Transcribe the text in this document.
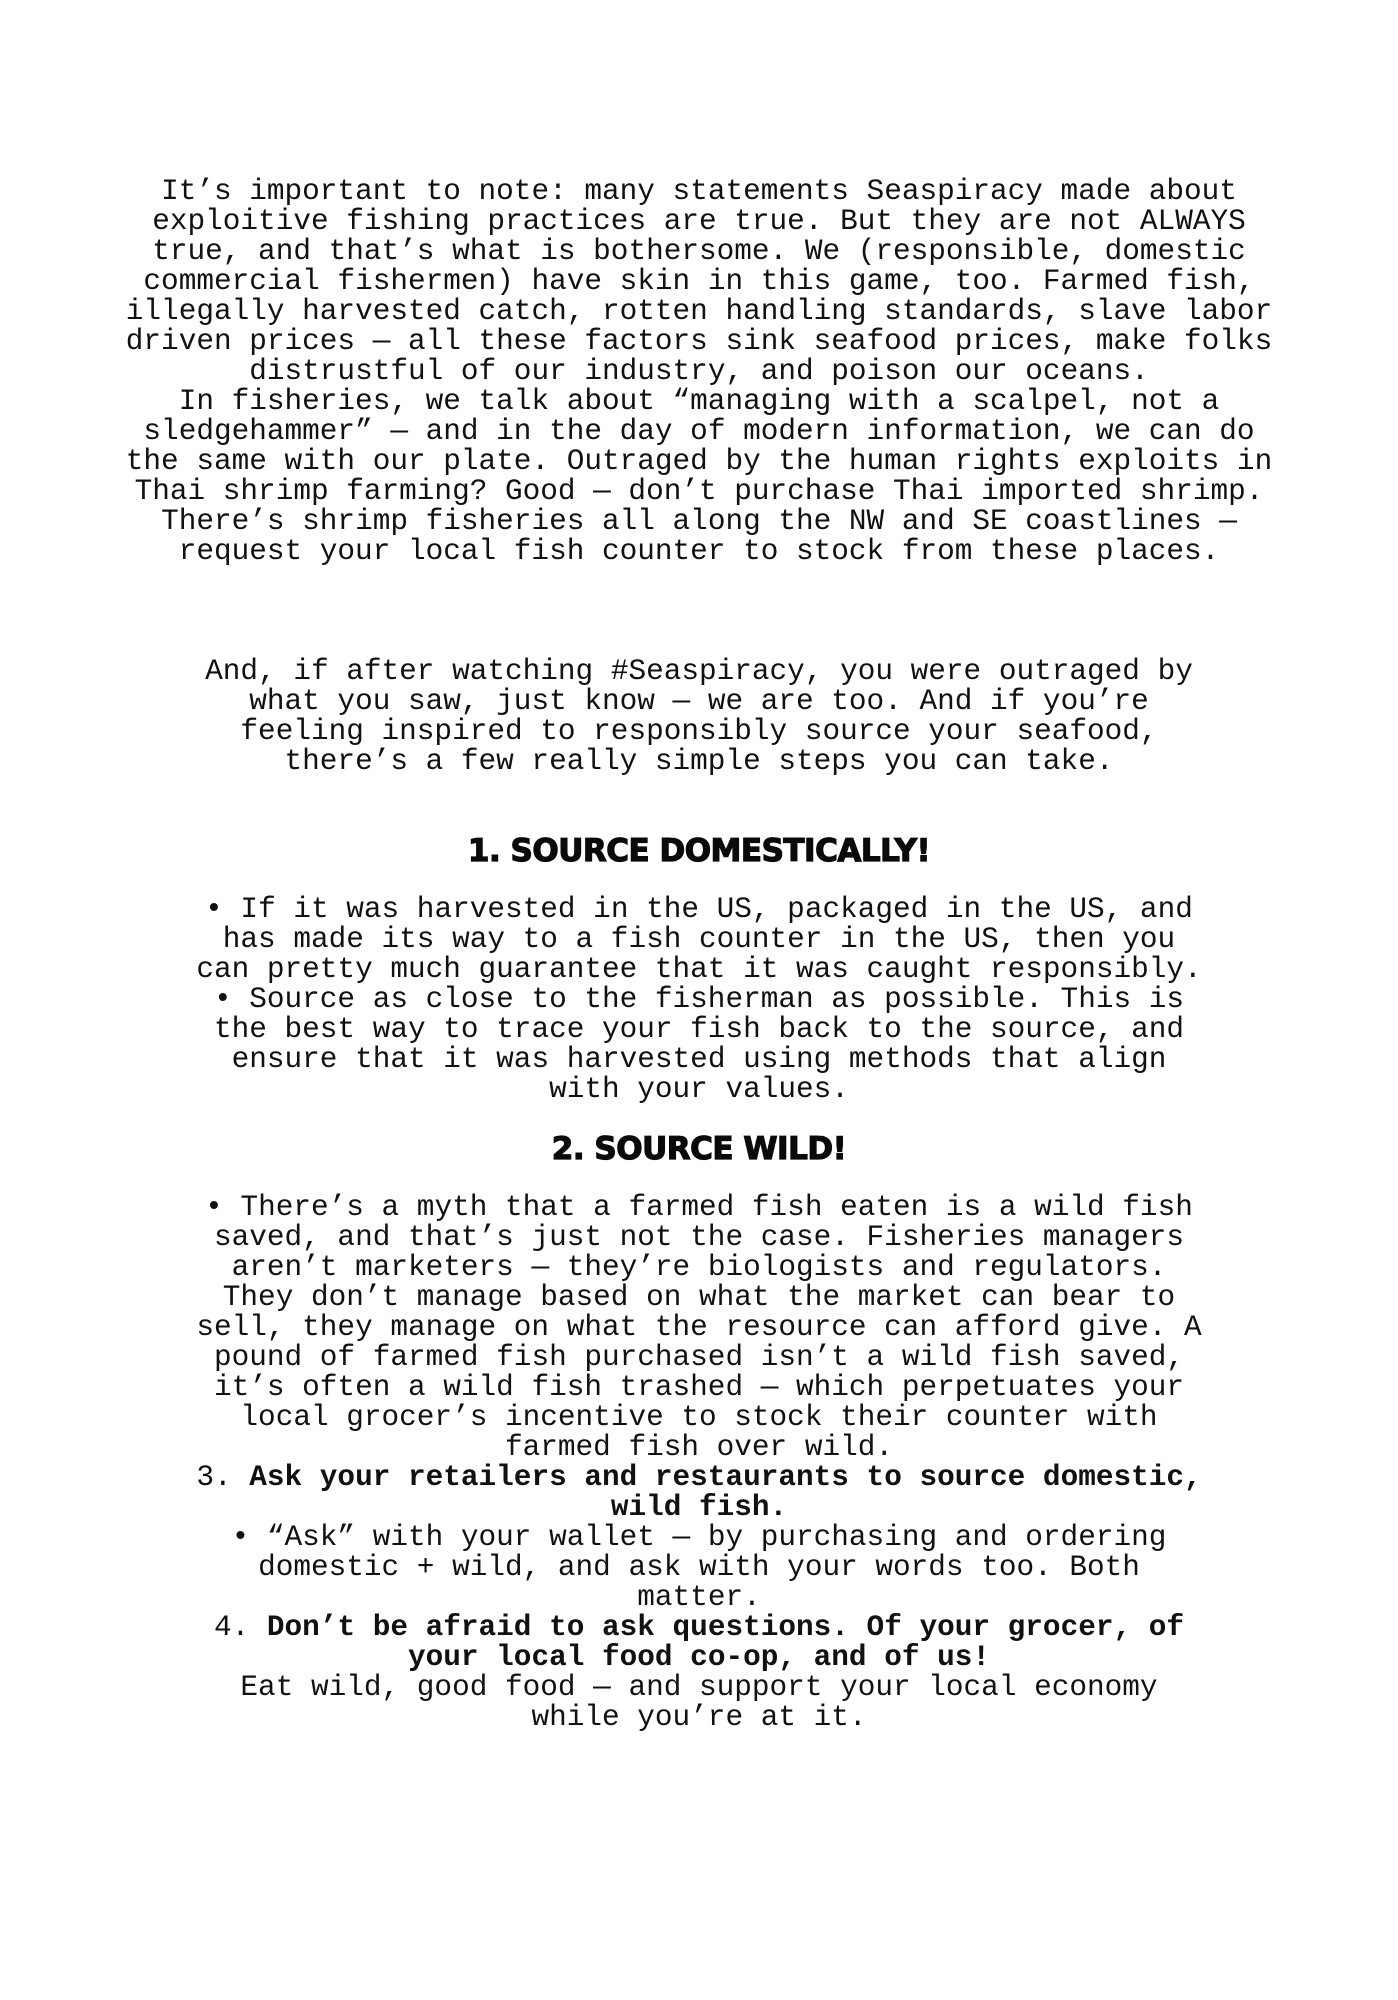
It’s important to note: many statements Seaspiracy made about

exploitive fishing practices are true. But they are not ALWAYS

true, and that’s what is bothersome. We (responsible, domestic

commercial fishermen) have skin in this game, too. Farmed fish,

illegally harvested catch, rotten handling standards, slave labor

driven prices — all these factors sink seafood prices, make folks

distrustful of our industry, and poison our oceans.

In fisheries, we talk about “managing with a scalpel, not a

sledgehammer” — and in the day of modern information, we can do

the same with our plate. Outraged by the human rights exploits in

Thai shrimp farming? Good — don’t purchase Thai imported shrimp.

There’s shrimp fisheries all along the NW and SE coastlines —

request your local fish counter to stock from these places.

And, if after watching #Seaspiracy, you were outraged by

what you saw, just know — we are too. And if you’re

feeling inspired to responsibly source your seafood,

there’s a few really simple steps you can take.

1. SOURCE DOMESTICALLY!

• If it was harvested in the US, packaged in the US, and

has made its way to a fish counter in the US, then you

can pretty much guarantee that it was caught responsibly.

• Source as close to the fisherman as possible. This is

the best way to trace your fish back to the source, and

ensure that it was harvested using methods that align

with your values.

2. SOURCE WILD!

• There’s a myth that a farmed fish eaten is a wild fish

saved, and that’s just not the case. Fisheries managers

aren’t marketers — they’re biologists and regulators.

They don’t manage based on what the market can bear to

sell, they manage on what the resource can afford give. A

pound of farmed fish purchased isn’t a wild fish saved,

it’s often a wild fish trashed — which perpetuates your

local grocer’s incentive to stock their counter with

farmed fish over wild.

3. Ask your retailers and restaurants to source domestic,

wild fish.

• “Ask” with your wallet — by purchasing and ordering

domestic + wild, and ask with your words too. Both

matter.

4. Don’t be afraid to ask questions. Of your grocer, of

your local food co-op, and of us!

Eat wild, good food — and support your local economy

while you’re at it.
